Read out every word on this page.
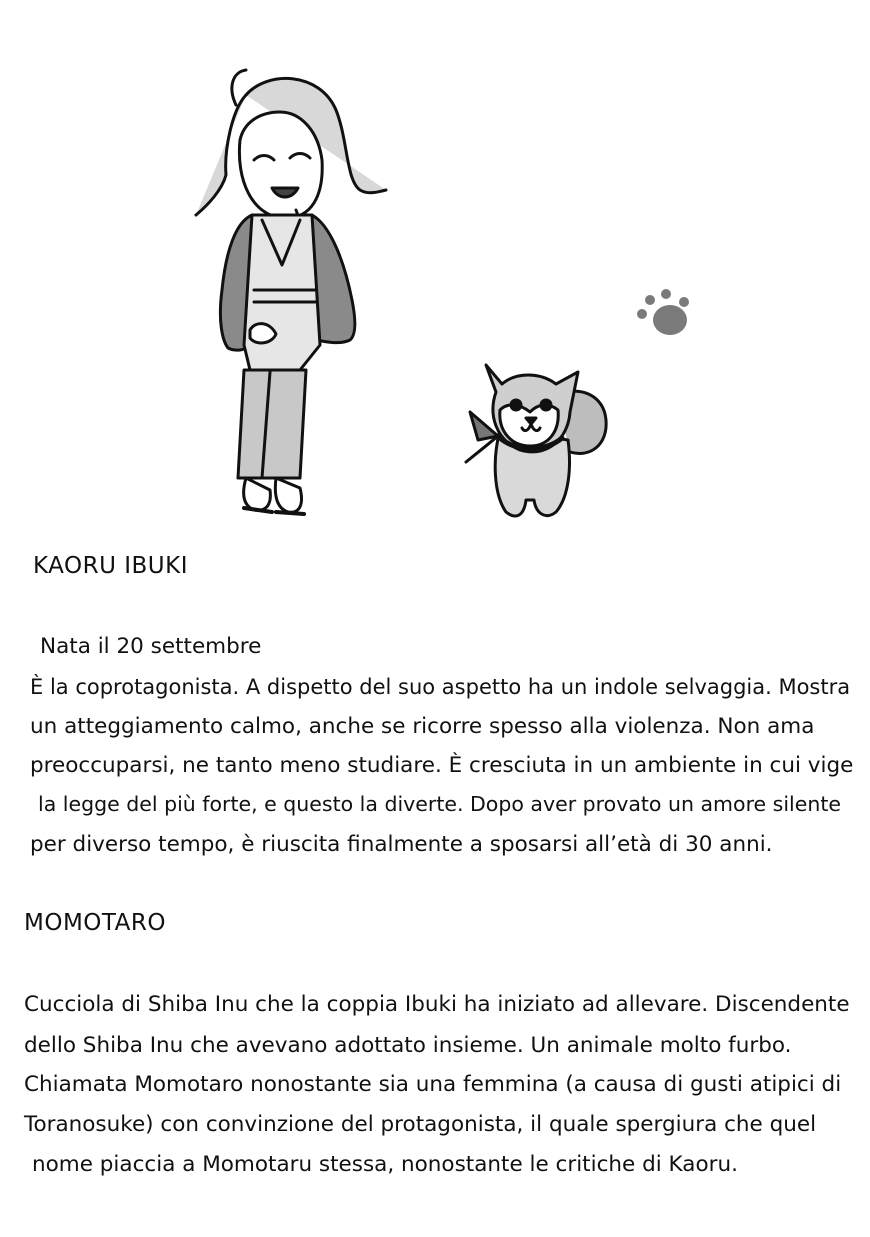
KAORU IBUKI

Nata il 20 settembre

È la coprotagonista. A dispetto del suo aspetto ha un indole selvaggia. Mostra

un atteggiamento calmo, anche se ricorre spesso alla violenza. Non ama

preoccuparsi, ne tanto meno studiare. È cresciuta in un ambiente in cui vige

la legge del più forte, e questo la diverte. Dopo aver provato un amore silente

per diverso tempo, è riuscita finalmente a sposarsi all’età di 30 anni.

MOMOTARO

Cucciola di Shiba Inu che la coppia Ibuki ha iniziato ad allevare. Discendente

dello Shiba Inu che avevano adottato insieme. Un animale molto furbo.

Chiamata Momotaro nonostante sia una femmina (a causa di gusti atipici di

Toranosuke) con convinzione del protagonista, il quale spergiura che quel

nome piaccia a Momotaru stessa, nonostante le critiche di Kaoru.
